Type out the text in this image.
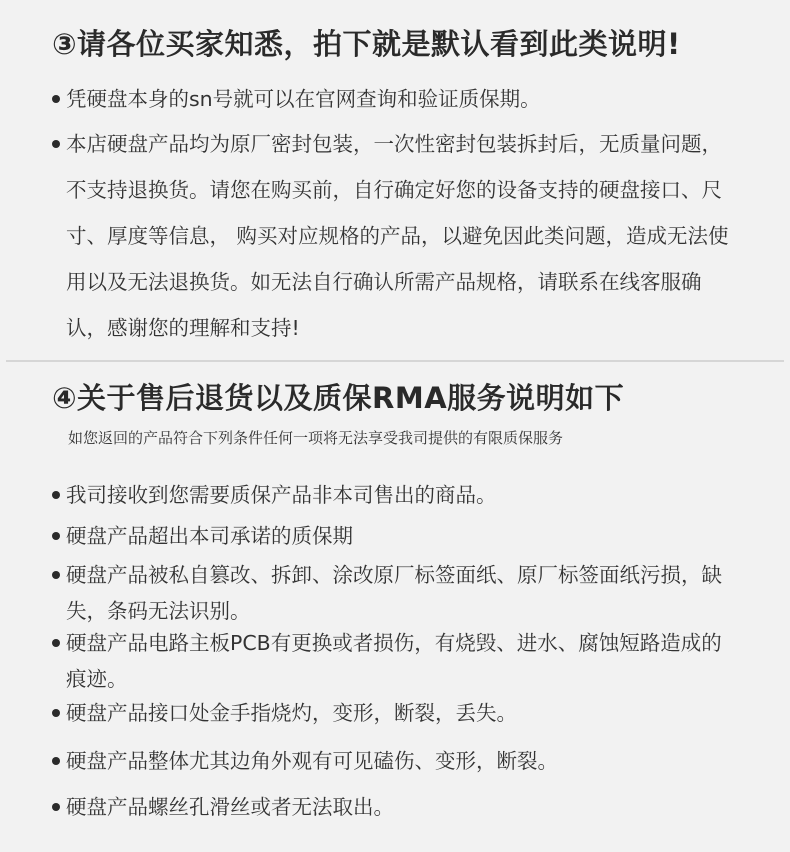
③请各位买家知悉，拍下就是默认看到此类说明!
凭硬盘本身的sn号就可以在官网查询和验证质保期。
本店硬盘产品均为原厂密封包装，一次性密封包装拆封后，无质量问题，不支持退换货。请您在购买前，自行确定好您的设备支持的硬盘接口、尺寸、厚度等信息， 购买对应规格的产品，以避免因此类问题，造成无法使用以及无法退换货。如无法自行确认所需产品规格，请联系在线客服确认，感谢您的理解和支持!
④关于售后退货以及质保RMA服务说明如下
如您返回的产品符合下列条件任何一项将无法享受我司提供的有限质保服务
我司接收到您需要质保产品非本司售出的商品。
硬盘产品超出本司承诺的质保期
硬盘产品被私自篡改、拆卸、涂改原厂标签面纸、原厂标签面纸污损，缺失，条码无法识别。
硬盘产品电路主板PCB有更换或者损伤，有烧毁、进水、腐蚀短路造成的痕迹。
硬盘产品接口处金手指烧灼，变形，断裂，丢失。
硬盘产品整体尤其边角外观有可见磕伤、变形，断裂。
硬盘产品螺丝孔滑丝或者无法取出。
